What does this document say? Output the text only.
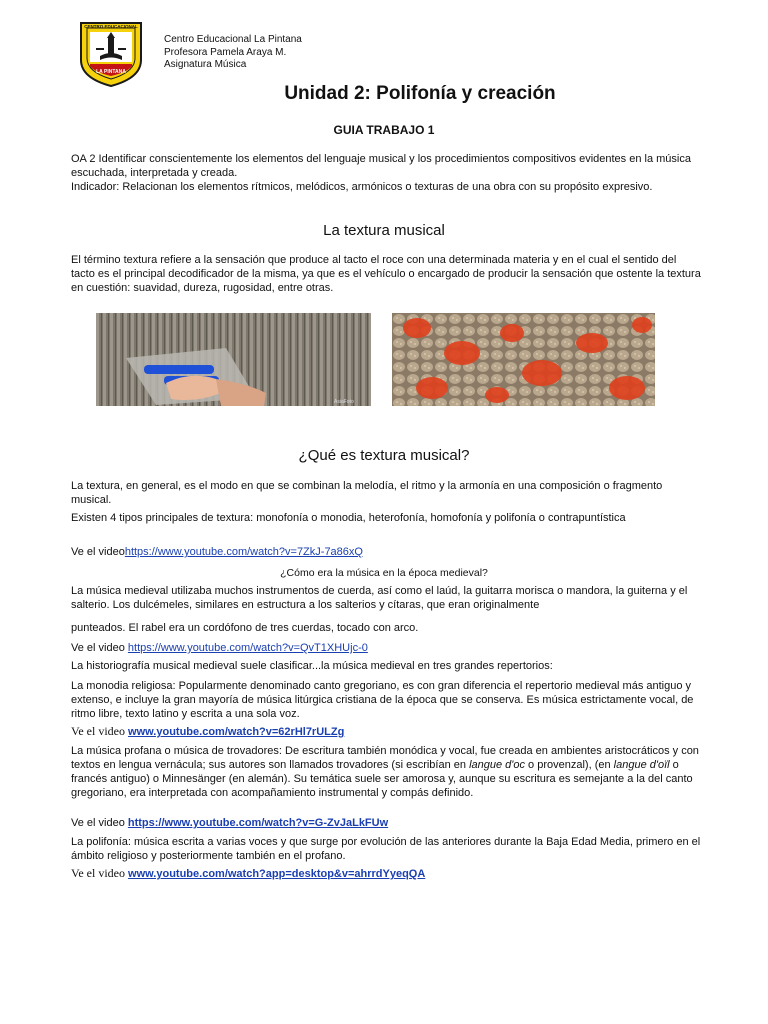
CENTRO EDUCACIONAL
LA PINTANA
Centro Educacional La Pintana
Profesora Pamela Araya M.
Asignatura Música
Unidad 2: Polifonía y creación
GUIA TRABAJO 1
OA 2 Identificar conscientemente los elementos del lenguaje musical y los procedimientos compositivos evidentes en la música escuchada, interpretada y creada.
Indicador: Relacionan los elementos rítmicos, melódicos, armónicos o texturas de una obra con su propósito expresivo.
La textura musical
El término textura refiere a la sensación que produce al tacto el roce con una determinada materia y en el cual el sentido del tacto es el principal decodificador de la misma, ya que es el vehículo o encargado de producir la sensación que ostente la textura en cuestión: suavidad, dureza, rugosidad, entre otras.
AsiaFoto
¿Qué es textura musical?
La textura, en general, es el modo en que se combinan la melodía, el ritmo y la armonía en una composición o fragmento musical.
Existen 4 tipos principales de textura: monofonía o monodia, heterofonía, homofonía y polifonía o contrapuntística
Ve el videohttps://www.youtube.com/watch?v=7ZkJ-7a86xQ
¿Cómo era la música en la época medieval?
La música medieval utilizaba muchos instrumentos de cuerda, así como el laúd, la guitarra morisca o mandora, la guiterna y el salterio. Los dulcémeles, similares en estructura a los salterios y cítaras, que eran originalmente
punteados. El rabel era un cordófono de tres cuerdas, tocado con arco.
Ve el video https://www.youtube.com/watch?v=QvT1XHUjc-0
La historiografía musical medieval suele clasificar...la música medieval en tres grandes repertorios:
La monodia religiosa: Popularmente denominado canto gregoriano, es con gran diferencia el repertorio medieval más antiguo y extenso, e incluye la gran mayoría de música litúrgica cristiana de la época que se conserva. Es música estrictamente vocal, de ritmo libre, texto latino y escrita a una sola voz.
Ve el video www.youtube.com/watch?v=62rHl7rULZg
La música profana o música de trovadores: De escritura también monódica y vocal, fue creada en ambientes aristocráticos y con textos en lengua vernácula; sus autores son llamados trovadores (si escribían en langue d'oc o provenzal), (en langue d'oïl o francés antiguo) o Minnesänger (en alemán). Su temática suele ser amorosa y, aunque su escritura es semejante a la del canto gregoriano, era interpretada con acompañamiento instrumental y compás definido.
Ve el video https://www.youtube.com/watch?v=G-ZvJaLkFUw
La polifonía: música escrita a varias voces y que surge por evolución de las anteriores durante la Baja Edad Media, primero en el ámbito religioso y posteriormente también en el profano.
Ve el video www.youtube.com/watch?app=desktop&v=ahrrdYyeqQA
